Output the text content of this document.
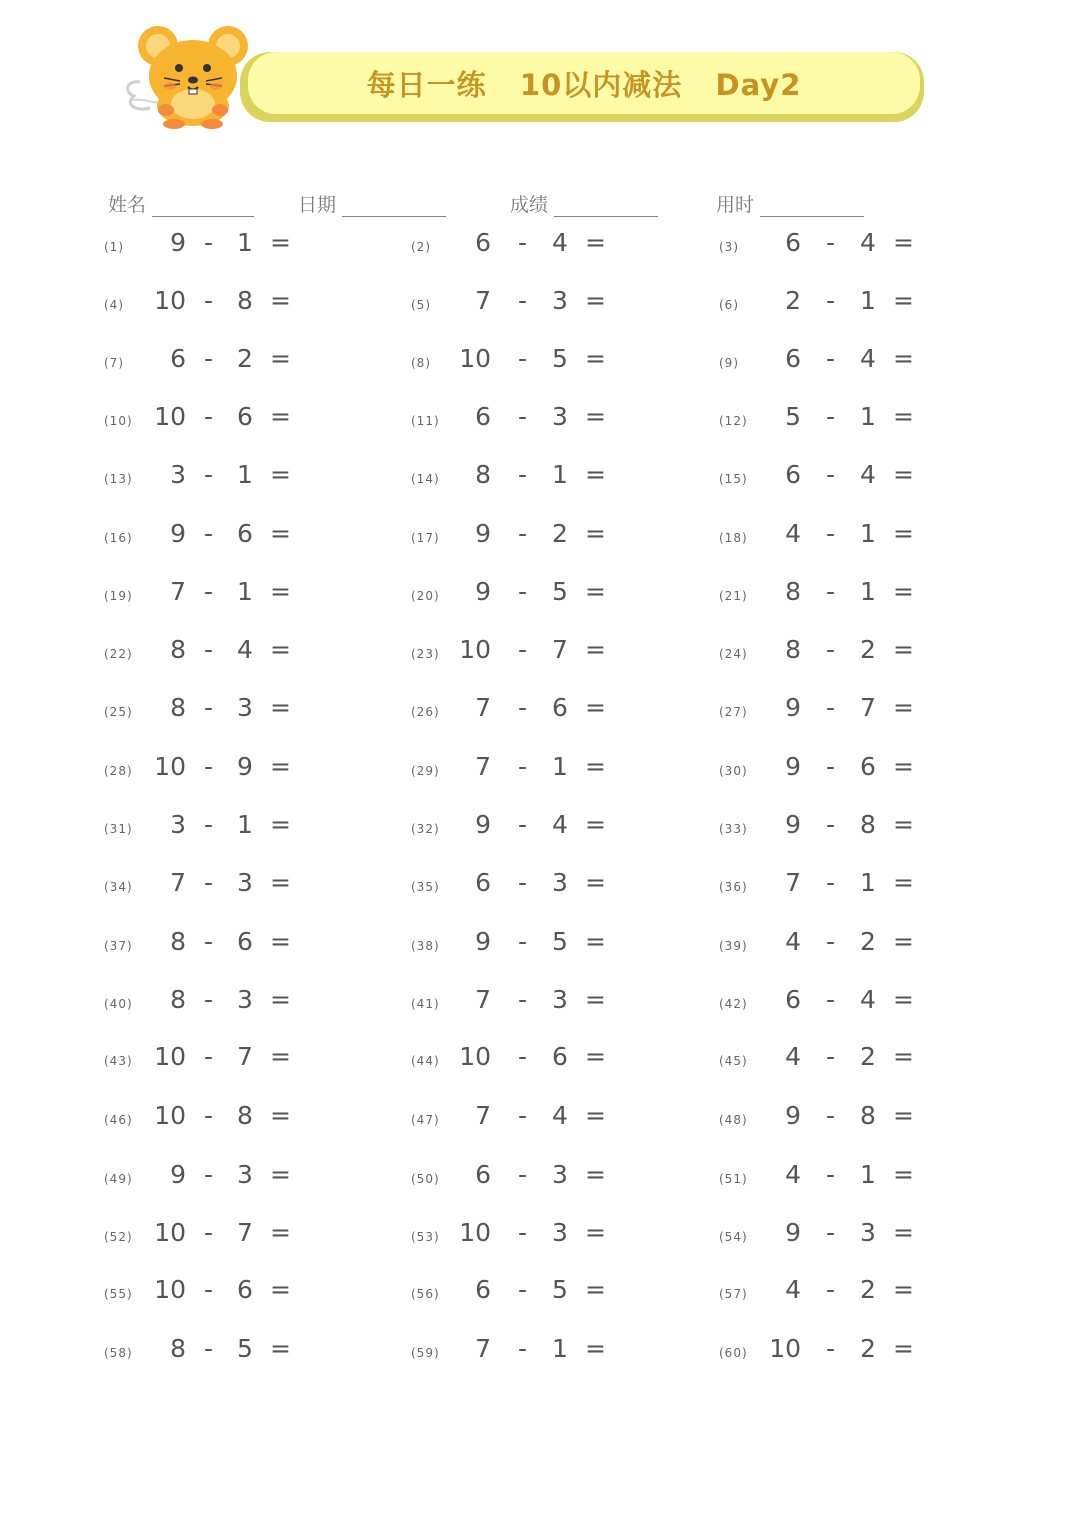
每日一练   10以内减法   Day2
姓名	日期	成绩	用时
(1)	9 - 1 =	(2)	6 - 4 =	(3)	6 - 4 =
(4)	10 - 8 =	(5)	7 - 3 =	(6)	2 - 1 =
(7)	6 - 2 =	(8)	10 - 5 =	(9)	6 - 4 =
(10) 10 - 6 =	(11)	6 - 3 =	(12)	5 - 1 =
(13)	3 - 1 =	(14)	8 - 1 =	(15)	6 - 4 =
(16)	9 - 6 =	(17)	9 - 2 =	(18)	4 - 1 =
(19)	7 - 1 =	(20)	9 - 5 =	(21)	8 - 1 =
(22)	8 - 4 =	(23) 10 - 7 =	(24)	8 - 2 =
(25)	8 - 3 =	(26)	7 - 6 =	(27)	9 - 7 =
(28) 10 - 9 =	(29)	7 - 1 =	(30)	9 - 6 =
(31)	3 - 1 =	(32)	9 - 4 =	(33)	9 - 8 =
(34)	7 - 3 =	(35)	6 - 3 =	(36)	7 - 1 =
(37)	8 - 6 =	(38)	9 - 5 =	(39)	4 - 2 =
(40)	8 - 3 =	(41)	7 - 3 =	(42)	6 - 4 =
(43) 10 - 7 =	(44) 10 - 6 =	(45)	4 - 2 =
(46) 10 - 8 =	(47)	7 - 4 =	(48)	9 - 8 =
(49)	9 - 3 =	(50)	6 - 3 =	(51)	4 - 1 =
(52) 10 - 7 =	(53) 10 - 3 =	(54)	9 - 3 =
(55) 10 - 6 =	(56)	6 - 5 =	(57)	4 - 2 =
(58)	8 - 5 =	(59)	7 - 1 =	(60) 10 - 2 =
